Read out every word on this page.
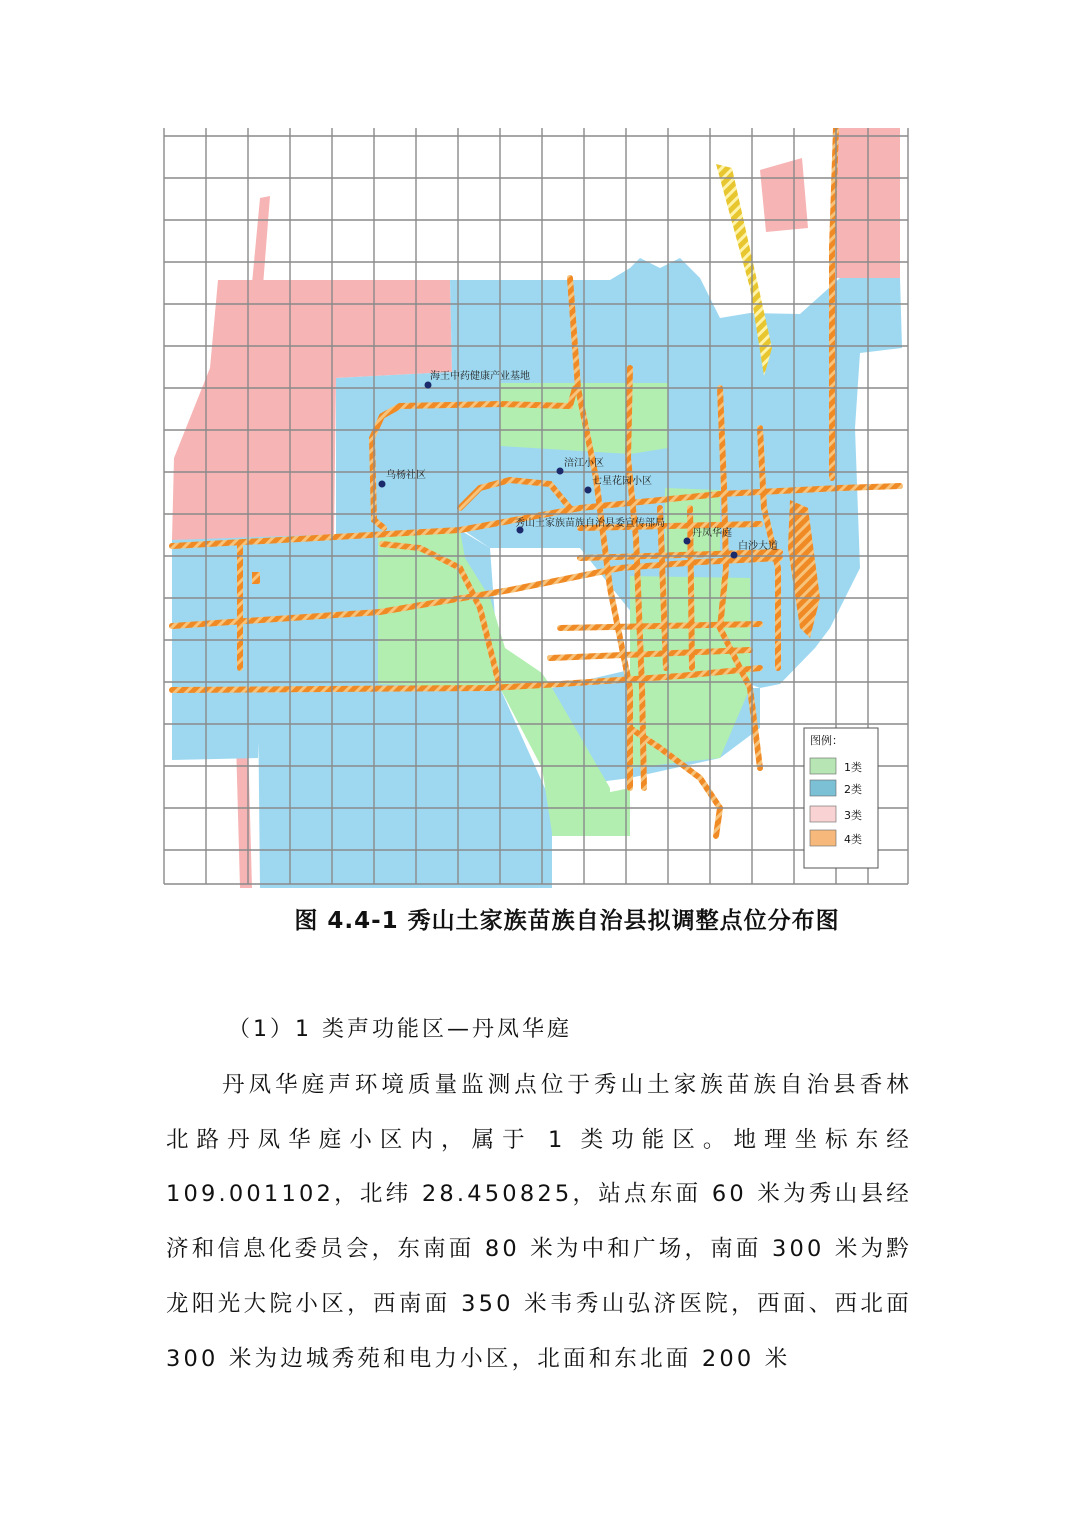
海王中药健康产业基地
乌杨社区
涪江小区
七星花园小区
秀山土家族苗族自治县委宣传部局
丹凤华庭
白沙大道
图例：
1类
2类
3类
4类
图 4.4-1 秀山土家族苗族自治县拟调整点位分布图
（1）1 类声功能区—丹凤华庭
丹凤华庭声环境质量监测点位于秀山土家族苗族自治县香林北路丹凤华庭小区内，属于 1 类功能区。地理坐标东经 109.001102，北纬 28.450825，站点东面 60 米为秀山县经济和信息化委员会，东南面 80 米为中和广场，南面 300 米为黔龙阳光大院小区，西南面 350 米韦秀山弘济医院，西面、西北面 300 米为边城秀苑和电力小区，北面和东北面 200 米
